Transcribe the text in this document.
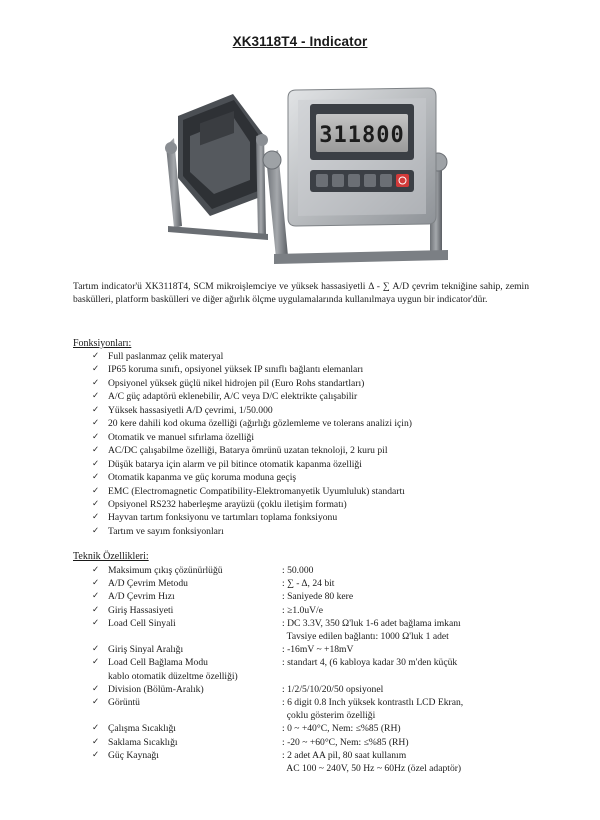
XK3118T4 - Indicator
311800

Tartım indicator'ü XK3118T4, SCM mikroişlemciye ve yüksek hassasiyetli Δ - ∑ A/D çevrim tekniğine sahip, zemin baskülleri, platform baskülleri ve diğer ağırlık ölçme uygulamalarında kullanılmaya uygun bir indicator'dür.

Fonksiyonları:
✓ Full paslanmaz çelik materyal
✓ IP65 koruma sınıfı, opsiyonel yüksek IP sınıflı bağlantı elemanları
✓ Opsiyonel yüksek güçlü nikel hidrojen pil (Euro Rohs standartları)
✓ A/C güç adaptörü eklenebilir, A/C veya D/C elektrikte çalışabilir
✓ Yüksek hassasiyetli A/D çevrimi, 1/50.000
✓ 20 kere dahili kod okuma özelliği (ağırlığı gözlemleme ve tolerans analizi için)
✓ Otomatik ve manuel sıfırlama özelliği
✓ AC/DC çalışabilme özelliği, Batarya ömrünü uzatan teknoloji, 2 kuru pil
✓ Düşük batarya için alarm ve pil bitince otomatik kapanma özelliği
✓ Otomatik kapanma ve güç koruma moduna geçiş
✓ EMC (Electromagnetic Compatibility-Elektromanyetik Uyumluluk) standartı
✓ Opsiyonel RS232 haberleşme arayüzü (çoklu iletişim formatı)
✓ Hayvan tartım fonksiyonu ve tartımları toplama fonksiyonu
✓ Tartım ve sayım fonksiyonları
Teknik Özellikleri:
✓ Maksimum çıkış çözünürlüğü	: 50.000
✓ A/D Çevrim Metodu	: ∑ - Δ, 24 bit
✓ A/D Çevrim Hızı	: Saniyede 80 kere
✓ Giriş Hassasiyeti	: ≥1.0uV/e
✓ Load Cell Sinyali	: DC 3.3V, 350 Ω'luk 1-6 adet bağlama imkanı
Tavsiye edilen bağlantı: 1000 Ω'luk 1 adet
✓ Giriş Sinyal Aralığı	: -16mV ~ +18mV
✓ Load Cell Bağlama Modu	: standart 4, (6 kabloya kadar 30 m'den küçük
kablo otomatik düzeltme özelliği)
✓ Division (Bölüm-Aralık)	: 1/2/5/10/20/50 opsiyonel
✓ Görüntü	: 6 digit 0.8 Inch yüksek kontrastlı LCD Ekran,
çoklu gösterim özelliği
✓ Çalışma Sıcaklığı	: 0 ~ +40°C, Nem: ≤%85 (RH)
✓ Saklama Sıcaklığı	: -20 ~ +60°C, Nem: ≤%85 (RH)
✓ Güç Kaynağı	: 2 adet AA pil, 80 saat kullanım
AC 100 ~ 240V, 50 Hz ~ 60Hz (özel adaptör)
